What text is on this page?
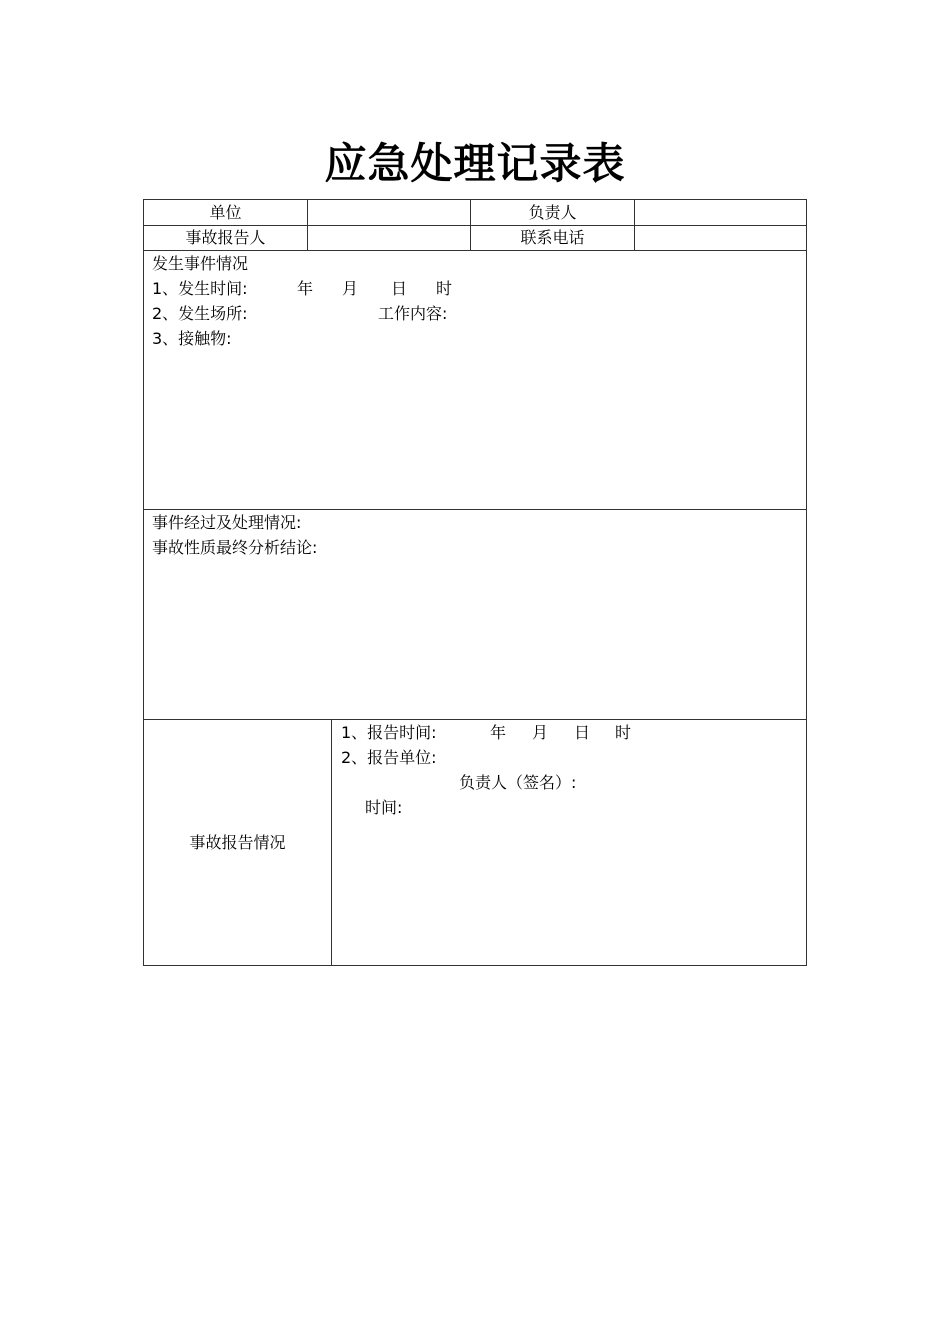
应急处理记录表
单位	负责人
事故报告人	联系电话
发生事件情况
1、发生时间:	年 月 日 时
2、发生场所:	工作内容:
3、接触物:
事件经过及处理情况:
事故性质最终分析结论:
事故报告情况
1、报告时间:	年 月 日 时
2、报告单位:
负责人（签名）:
时间:
